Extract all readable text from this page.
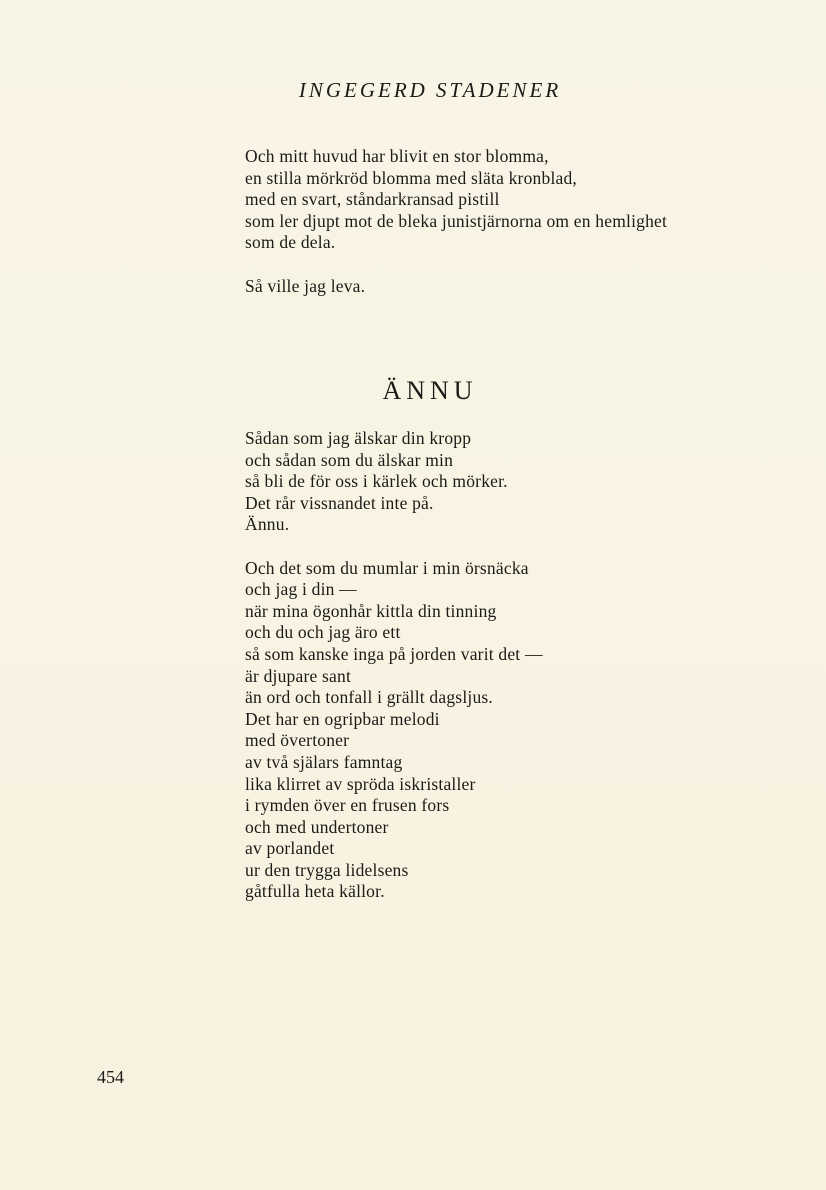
INGEGERD STADENER
Och mitt huvud har blivit en stor blomma,
en stilla mörkröd blomma med släta kronblad,
med en svart, ståndarkransad pistill
som ler djupt mot de bleka junistjärnorna om en hemlighet
som de dela.
Så ville jag leva.
ÄNNU
Sådan som jag älskar din kropp
och sådan som du älskar min
så bli de för oss i kärlek och mörker.
Det rår vissnandet inte på.
Ännu.
Och det som du mumlar i min örsnäcka
och jag i din —
när mina ögonhår kittla din tinning
och du och jag äro ett
så som kanske inga på jorden varit det —
är djupare sant
än ord och tonfall i grällt dagsljus.
Det har en ogripbar melodi
med övertoner
av två själars famntag
lika klirret av spröda iskristaller
i rymden över en frusen fors
och med undertoner
av porlandet
ur den trygga lidelsens
gåtfulla heta källor.
454
